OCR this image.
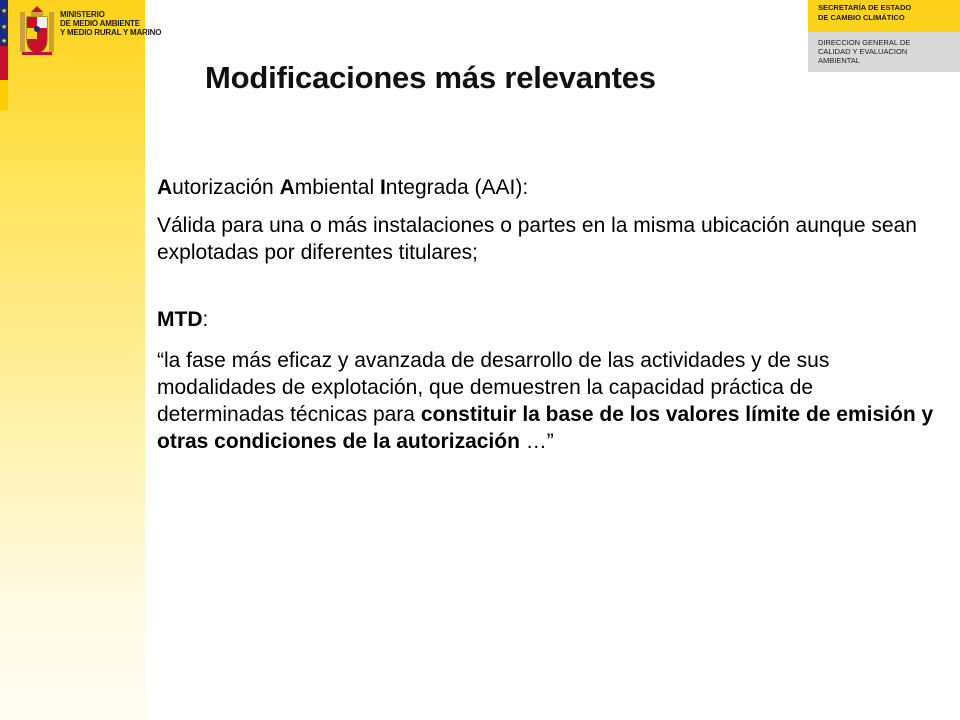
★
★
★
MINISTERIO
DE MEDIO AMBIENTE
Y MEDIO RURAL Y MARINO
SECRETARÍA DE ESTADO
DE CAMBIO CLIMÁTICO
DIRECCION GENERAL DE
CALIDAD Y EVALUACION
AMBIENTAL
Modificaciones más relevantes

Autorización Ambiental Integrada (AAI):

Válida para una o más instalaciones o partes en la misma ubicación aunque sean explotadas por diferentes titulares;

MTD:

“la fase más eficaz y avanzada de desarrollo de las actividades y de sus modalidades de explotación, que demuestren la capacidad práctica de determinadas técnicas para constituir la base de los valores límite de emisión y otras condiciones de la autorización …”
